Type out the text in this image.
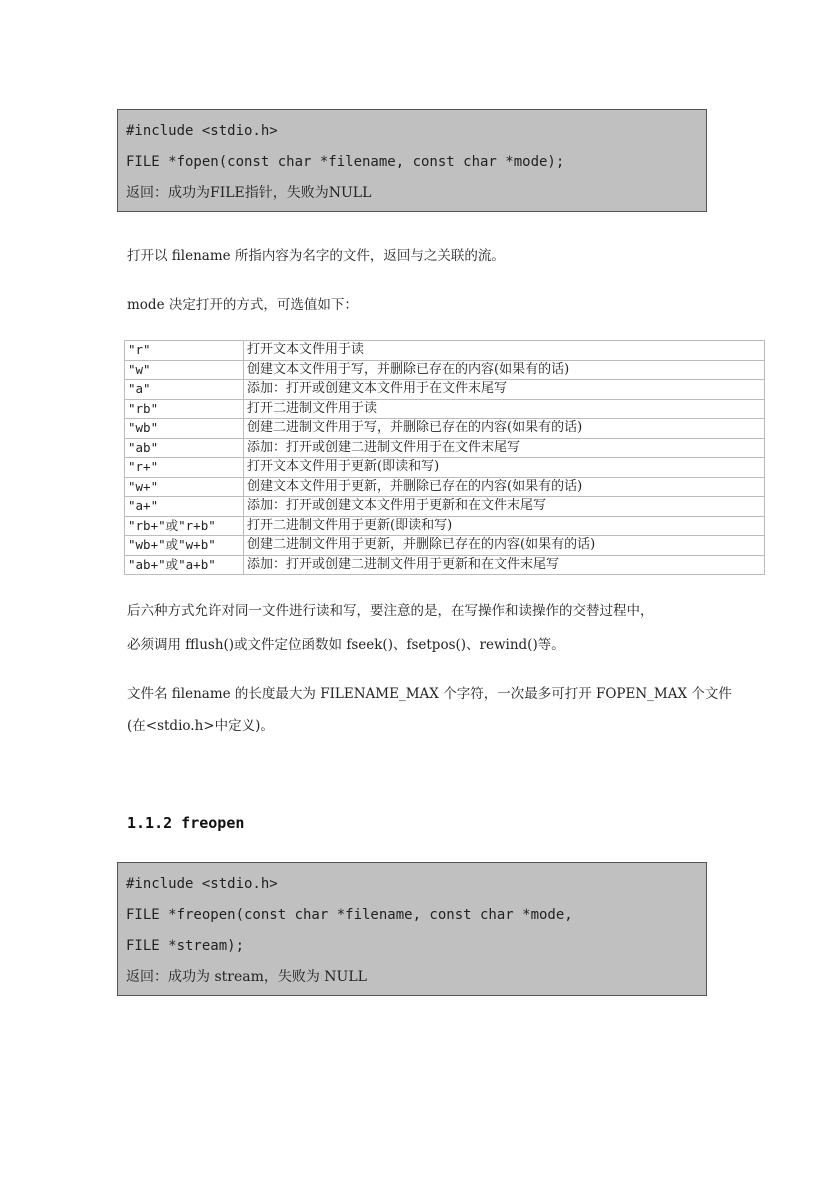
#include <stdio.h>
FILE *fopen(const char *filename, const char *mode);
返回：成功为FILE指针，失败为NULL
打开以 filename 所指内容为名字的文件，返回与之关联的流。
mode 决定打开的方式，可选值如下：
"r"	打开文本文件用于读
"w"	创建文本文件用于写，并删除已存在的内容(如果有的话)
"a"	添加：打开或创建文本文件用于在文件末尾写
"rb"	打开二进制文件用于读
"wb"	创建二进制文件用于写，并删除已存在的内容(如果有的话)
"ab"	添加：打开或创建二进制文件用于在文件末尾写
"r+"	打开文本文件用于更新(即读和写)
"w+"	创建文本文件用于更新，并删除已存在的内容(如果有的话)
"a+"	添加：打开或创建文本文件用于更新和在文件末尾写
"rb+"或"r+b"	打开二进制文件用于更新(即读和写)
"wb+"或"w+b"	创建二进制文件用于更新，并删除已存在的内容(如果有的话)
"ab+"或"a+b"	添加：打开或创建二进制文件用于更新和在文件末尾写
后六种方式允许对同一文件进行读和写，要注意的是，在写操作和读操作的交替过程中，
必须调用 fflush()或文件定位函数如 fseek()、fsetpos()、rewind()等。
文件名 filename 的长度最大为 FILENAME_MAX 个字符，一次最多可打开 FOPEN_MAX 个文件
(在<stdio.h>中定义)。
1.1.2 freopen
#include <stdio.h>
FILE *freopen(const char *filename, const char *mode,
FILE *stream);
返回：成功为 stream，失败为 NULL
